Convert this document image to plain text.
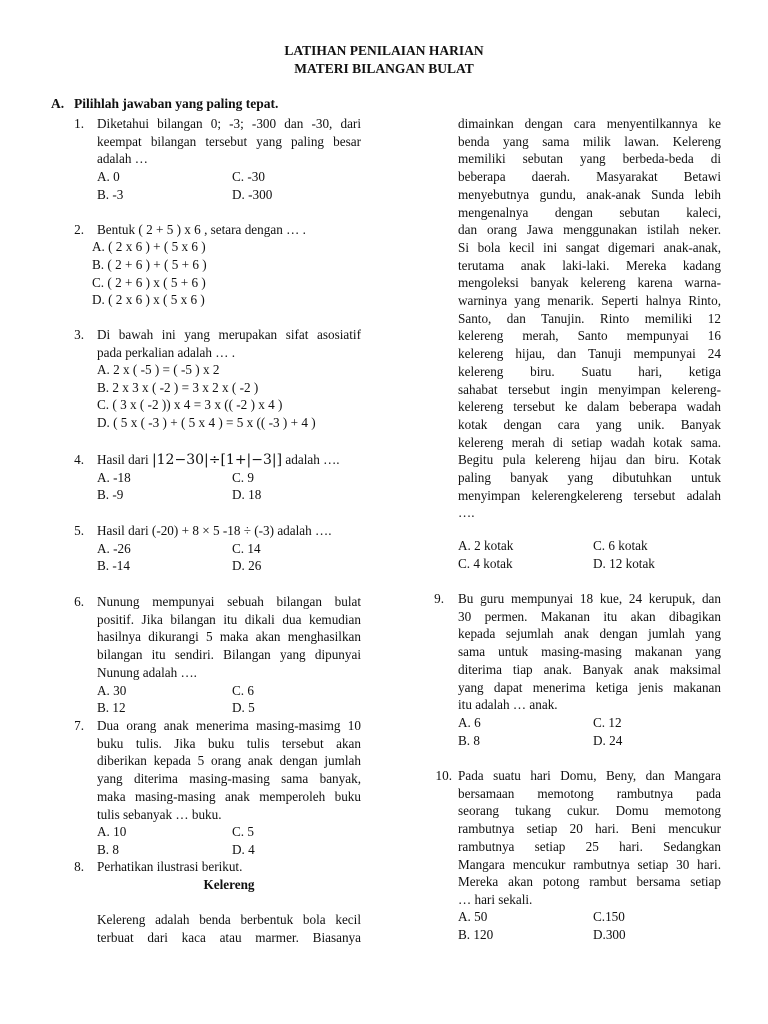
LATIHAN PENILAIAN HARIAN
MATERI BILANGAN BULAT
A. Pilihlah jawaban yang paling tepat.
1. Diketahui bilangan 0; -3; -300 dan -30, dari
keempat bilangan tersebut yang paling besar
adalah …
A. 0	C. -30
B. -3	D. -300
2. Bentuk ( 2 + 5 ) x 6 , setara dengan … .
A. ( 2 x 6 ) + ( 5 x 6 )
B. ( 2 + 6 ) + ( 5 + 6 )
C. ( 2 + 6 ) x ( 5 + 6 )
D. ( 2 x 6 ) x ( 5 x 6 )
3. Di bawah ini yang merupakan sifat asosiatif
pada perkalian adalah … .
A. 2 x ( -5 ) = ( -5 ) x 2
B. 2 x 3 x ( -2 ) = 3 x 2 x ( -2 )
C. ( 3 x ( -2 )) x 4 = 3 x (( -2 ) x 4 )
D. ( 5 x ( -3 ) + ( 5 x 4 ) = 5 x (( -3 ) + 4 )
4. Hasil dari |12−30|÷[1+|−3|] adalah ….
A. -18	C. 9
B. -9	D. 18
5. Hasil dari (-20) + 8 × 5 -18 ÷ (-3) adalah ….
A. -26	C. 14
B. -14	D. 26
6. Nunung mempunyai sebuah bilangan bulat
positif. Jika bilangan itu dikali dua kemudian
hasilnya dikurangi 5 maka akan menghasilkan
bilangan itu sendiri. Bilangan yang dipunyai
Nunung adalah ….
A. 30	C. 6
B. 12	D. 5
7. Dua orang anak menerima masing-masimg 10
buku tulis. Jika buku tulis tersebut akan
diberikan kepada 5 orang anak dengan jumlah
yang diterima masing-masing sama banyak,
maka masing-masing anak memperoleh buku
tulis sebanyak … buku.
A. 10	C. 5
B. 8	D. 4
8. Perhatikan ilustrasi berikut.
Kelereng
Kelereng adalah benda berbentuk bola kecil
terbuat dari kaca atau marmer. Biasanya
dimainkan dengan cara menyentilkannya ke
benda yang sama milik lawan. Kelereng
memiliki sebutan yang berbeda-beda di
beberapa daerah. Masyarakat Betawi
menyebutnya gundu, anak-anak Sunda lebih
mengenalnya dengan sebutan kaleci,
dan orang Jawa menggunakan istilah neker.
Si bola kecil ini sangat digemari anak-anak,
terutama anak laki-laki. Mereka kadang
mengoleksi banyak kelereng karena warna-
warninya yang menarik. Seperti halnya Rinto,
Santo, dan Tanujin. Rinto memiliki 12
kelereng merah, Santo mempunyai 16
kelereng hijau, dan Tanuji mempunyai 24
kelereng biru. Suatu hari, ketiga
sahabat tersebut ingin menyimpan kelereng-
kelereng tersebut ke dalam beberapa wadah
kotak dengan cara yang unik. Banyak
kelereng merah di setiap wadah kotak sama.
Begitu pula kelereng hijau dan biru. Kotak
paling banyak yang dibutuhkan untuk
menyimpan kelerengkelereng tersebut adalah
….
A. 2 kotak	C. 6 kotak
C. 4 kotak	D. 12 kotak
9. Bu guru mempunyai 18 kue, 24 kerupuk, dan
30 permen. Makanan itu akan dibagikan
kepada sejumlah anak dengan jumlah yang
sama untuk masing-masing makanan yang
diterima tiap anak. Banyak anak maksimal
yang dapat menerima ketiga jenis makanan
itu adalah … anak.
A. 6	C. 12
B. 8	D. 24
10. Pada suatu hari Domu, Beny, dan Mangara
bersamaan memotong rambutnya pada
seorang tukang cukur. Domu memotong
rambutnya setiap 20 hari. Beni mencukur
rambutnya setiap 25 hari. Sedangkan
Mangara mencukur rambutnya setiap 30 hari.
Mereka akan potong rambut bersama setiap
… hari sekali.
A. 50	C.150
B. 120	D.300
